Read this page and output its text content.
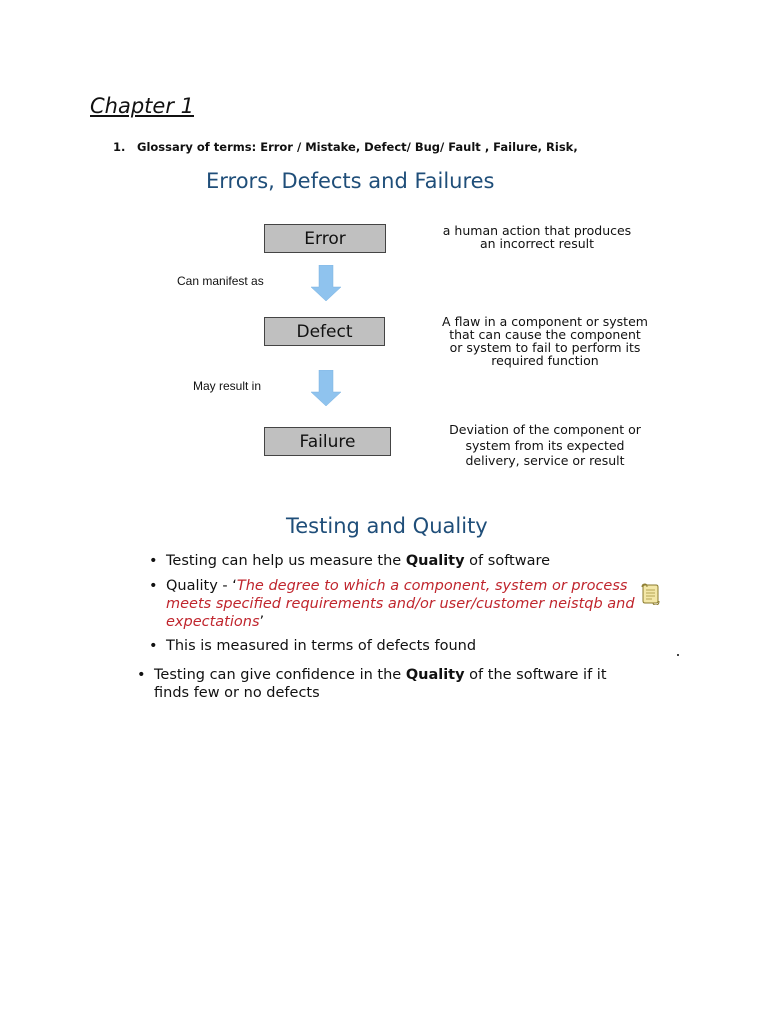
Chapter 1
1. Glossary of terms: Error / Mistake, Defect/ Bug/ Fault , Failure, Risk,
Errors, Defects and Failures
Error
Defect
Failure
Can manifest as
May result in
a human action that produces an incorrect result
A flaw in a component or system that can cause the component or system to fail to perform its required function
Deviation of the component or system from its expected delivery, service or result
Testing and Quality
• Testing can help us measure the Quality of software
• Quality - ‘The degree to which a component, system or process meets specified requirements and/or user/customer neistqb and expectations’
• This is measured in terms of defects found
• Testing can give confidence in the Quality of the software if it finds few or no defects
